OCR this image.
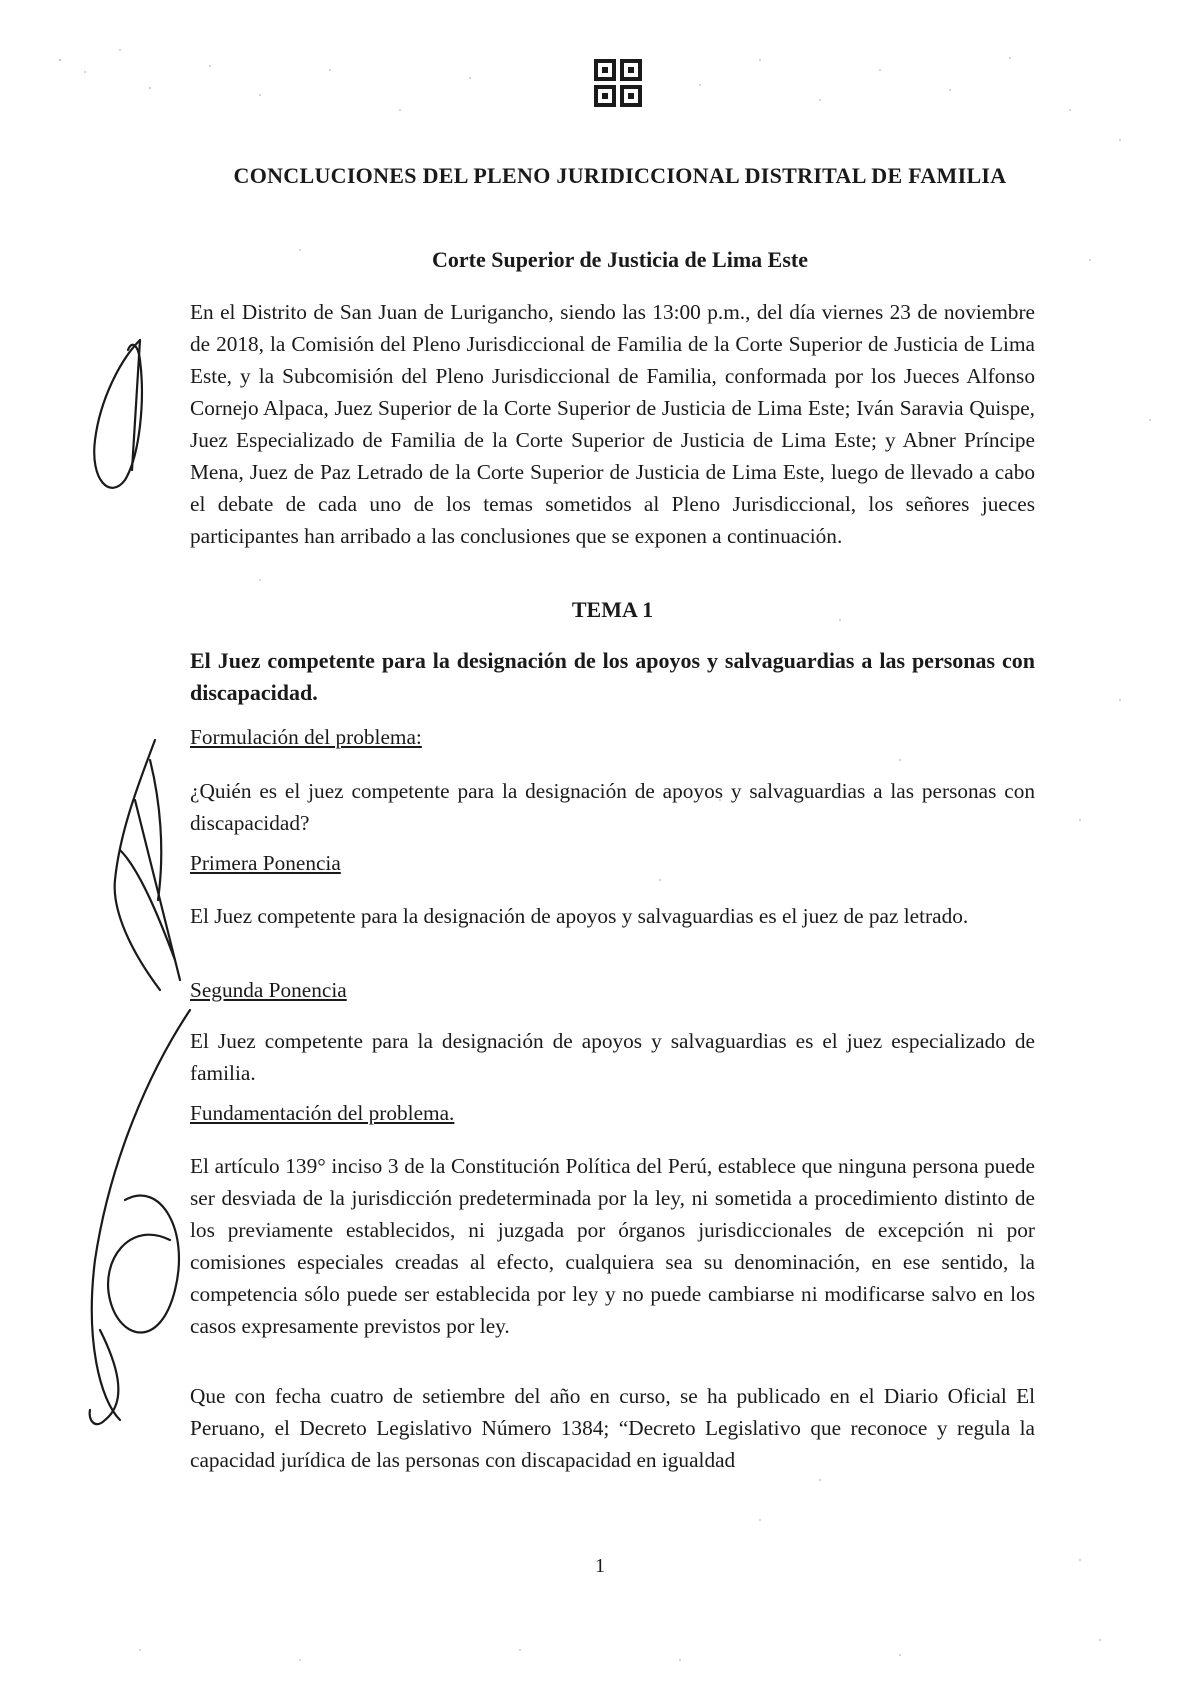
CONCLUCIONES DEL PLENO JURIDICCIONAL DISTRITAL DE FAMILIA
Corte Superior de Justicia de Lima Este
En el Distrito de San Juan de Lurigancho, siendo las 13:00 p.m., del día viernes 23 de noviembre de 2018, la Comisión del Pleno Jurisdiccional de Familia de la Corte Superior de Justicia de Lima Este, y la Subcomisión del Pleno Jurisdiccional de Familia, conformada por los Jueces Alfonso Cornejo Alpaca, Juez Superior de la Corte Superior de Justicia de Lima Este; Iván Saravia Quispe, Juez Especializado de Familia de la Corte Superior de Justicia de Lima Este; y Abner Príncipe Mena, Juez de Paz Letrado de la Corte Superior de Justicia de Lima Este, luego de llevado a cabo el debate de cada uno de los temas sometidos al Pleno Jurisdiccional, los señores jueces participantes han arribado a las conclusiones que se exponen a continuación.
TEMA 1
El Juez competente para la designación de los apoyos y salvaguardias a las personas con discapacidad.
Formulación del problema:
¿Quién es el juez competente para la designación de apoyos y salvaguardias a las personas con discapacidad?
Primera Ponencia
El Juez competente para la designación de apoyos y salvaguardias es el juez de paz letrado.
Segunda Ponencia
El Juez competente para la designación de apoyos y salvaguardias es el juez especializado de familia.
Fundamentación del problema.
El artículo 139° inciso 3 de la Constitución Política del Perú, establece que ninguna persona puede ser desviada de la jurisdicción predeterminada por la ley, ni sometida a procedimiento distinto de los previamente establecidos, ni juzgada por órganos jurisdiccionales de excepción ni por comisiones especiales creadas al efecto, cualquiera sea su denominación, en ese sentido, la competencia sólo puede ser establecida por ley y no puede cambiarse ni modificarse salvo en los casos expresamente previstos por ley.
Que con fecha cuatro de setiembre del año en curso, se ha publicado en el Diario Oficial El Peruano, el Decreto Legislativo Número 1384; “Decreto Legislativo que reconoce y regula la capacidad jurídica de las personas con discapacidad en igualdad
1
